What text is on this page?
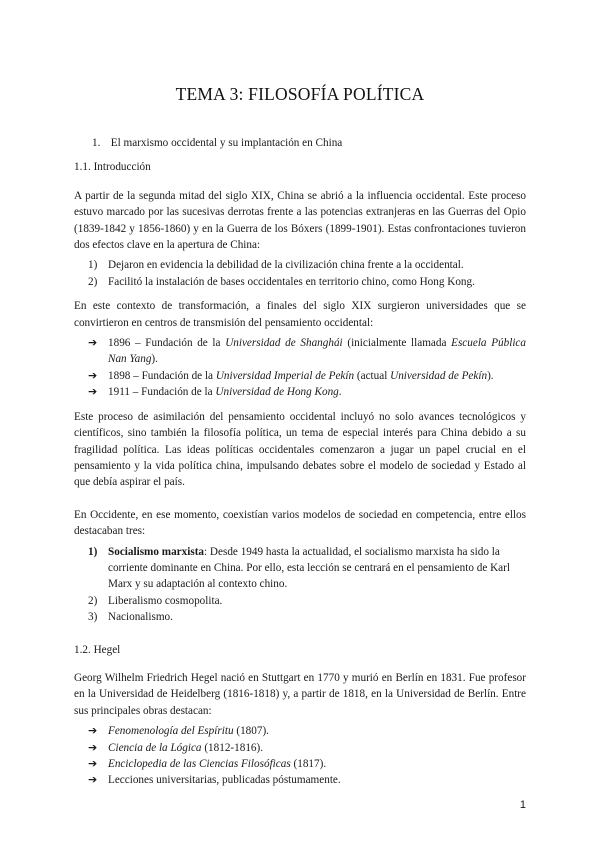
TEMA 3: FILOSOFÍA POLÍTICA

1. El marxismo occidental y su implantación en China

1.1. Introducción

A partir de la segunda mitad del siglo XIX, China se abrió a la influencia occidental. Este proceso estuvo marcado por las sucesivas derrotas frente a las potencias extranjeras en las Guerras del Opio (1839-1842 y 1856-1860) y en la Guerra de los Bóxers (1899-1901). Estas confrontaciones tuvieron dos efectos clave en la apertura de China:

1) Dejaron en evidencia la debilidad de la civilización china frente a la occidental.
2) Facilitó la instalación de bases occidentales en territorio chino, como Hong Kong.

En este contexto de transformación, a finales del siglo XIX surgieron universidades que se convirtieron en centros de transmisión del pensamiento occidental:

➔ 1896 – Fundación de la Universidad de Shanghái (inicialmente llamada Escuela Pública Nan Yang).
➔ 1898 – Fundación de la Universidad Imperial de Pekín (actual Universidad de Pekín).
➔ 1911 – Fundación de la Universidad de Hong Kong.

Este proceso de asimilación del pensamiento occidental incluyó no solo avances tecnológicos y científicos, sino también la filosofía política, un tema de especial interés para China debido a su fragilidad política. Las ideas políticas occidentales comenzaron a jugar un papel crucial en el pensamiento y la vida política china, impulsando debates sobre el modelo de sociedad y Estado al que debía aspirar el país.

En Occidente, en ese momento, coexistían varios modelos de sociedad en competencia, entre ellos destacaban tres:

1) Socialismo marxista: Desde 1949 hasta la actualidad, el socialismo marxista ha sido la corriente dominante en China. Por ello, esta lección se centrará en el pensamiento de Karl Marx y su adaptación al contexto chino.
2) Liberalismo cosmopolita.
3) Nacionalismo.

1.2. Hegel

Georg Wilhelm Friedrich Hegel nació en Stuttgart en 1770 y murió en Berlín en 1831. Fue profesor en la Universidad de Heidelberg (1816-1818) y, a partir de 1818, en la Universidad de Berlín. Entre sus principales obras destacan:

➔ Fenomenología del Espíritu (1807).
➔ Ciencia de la Lógica (1812-1816).
➔ Enciclopedia de las Ciencias Filosóficas (1817).
➔ Lecciones universitarias, publicadas póstumamente.
1
